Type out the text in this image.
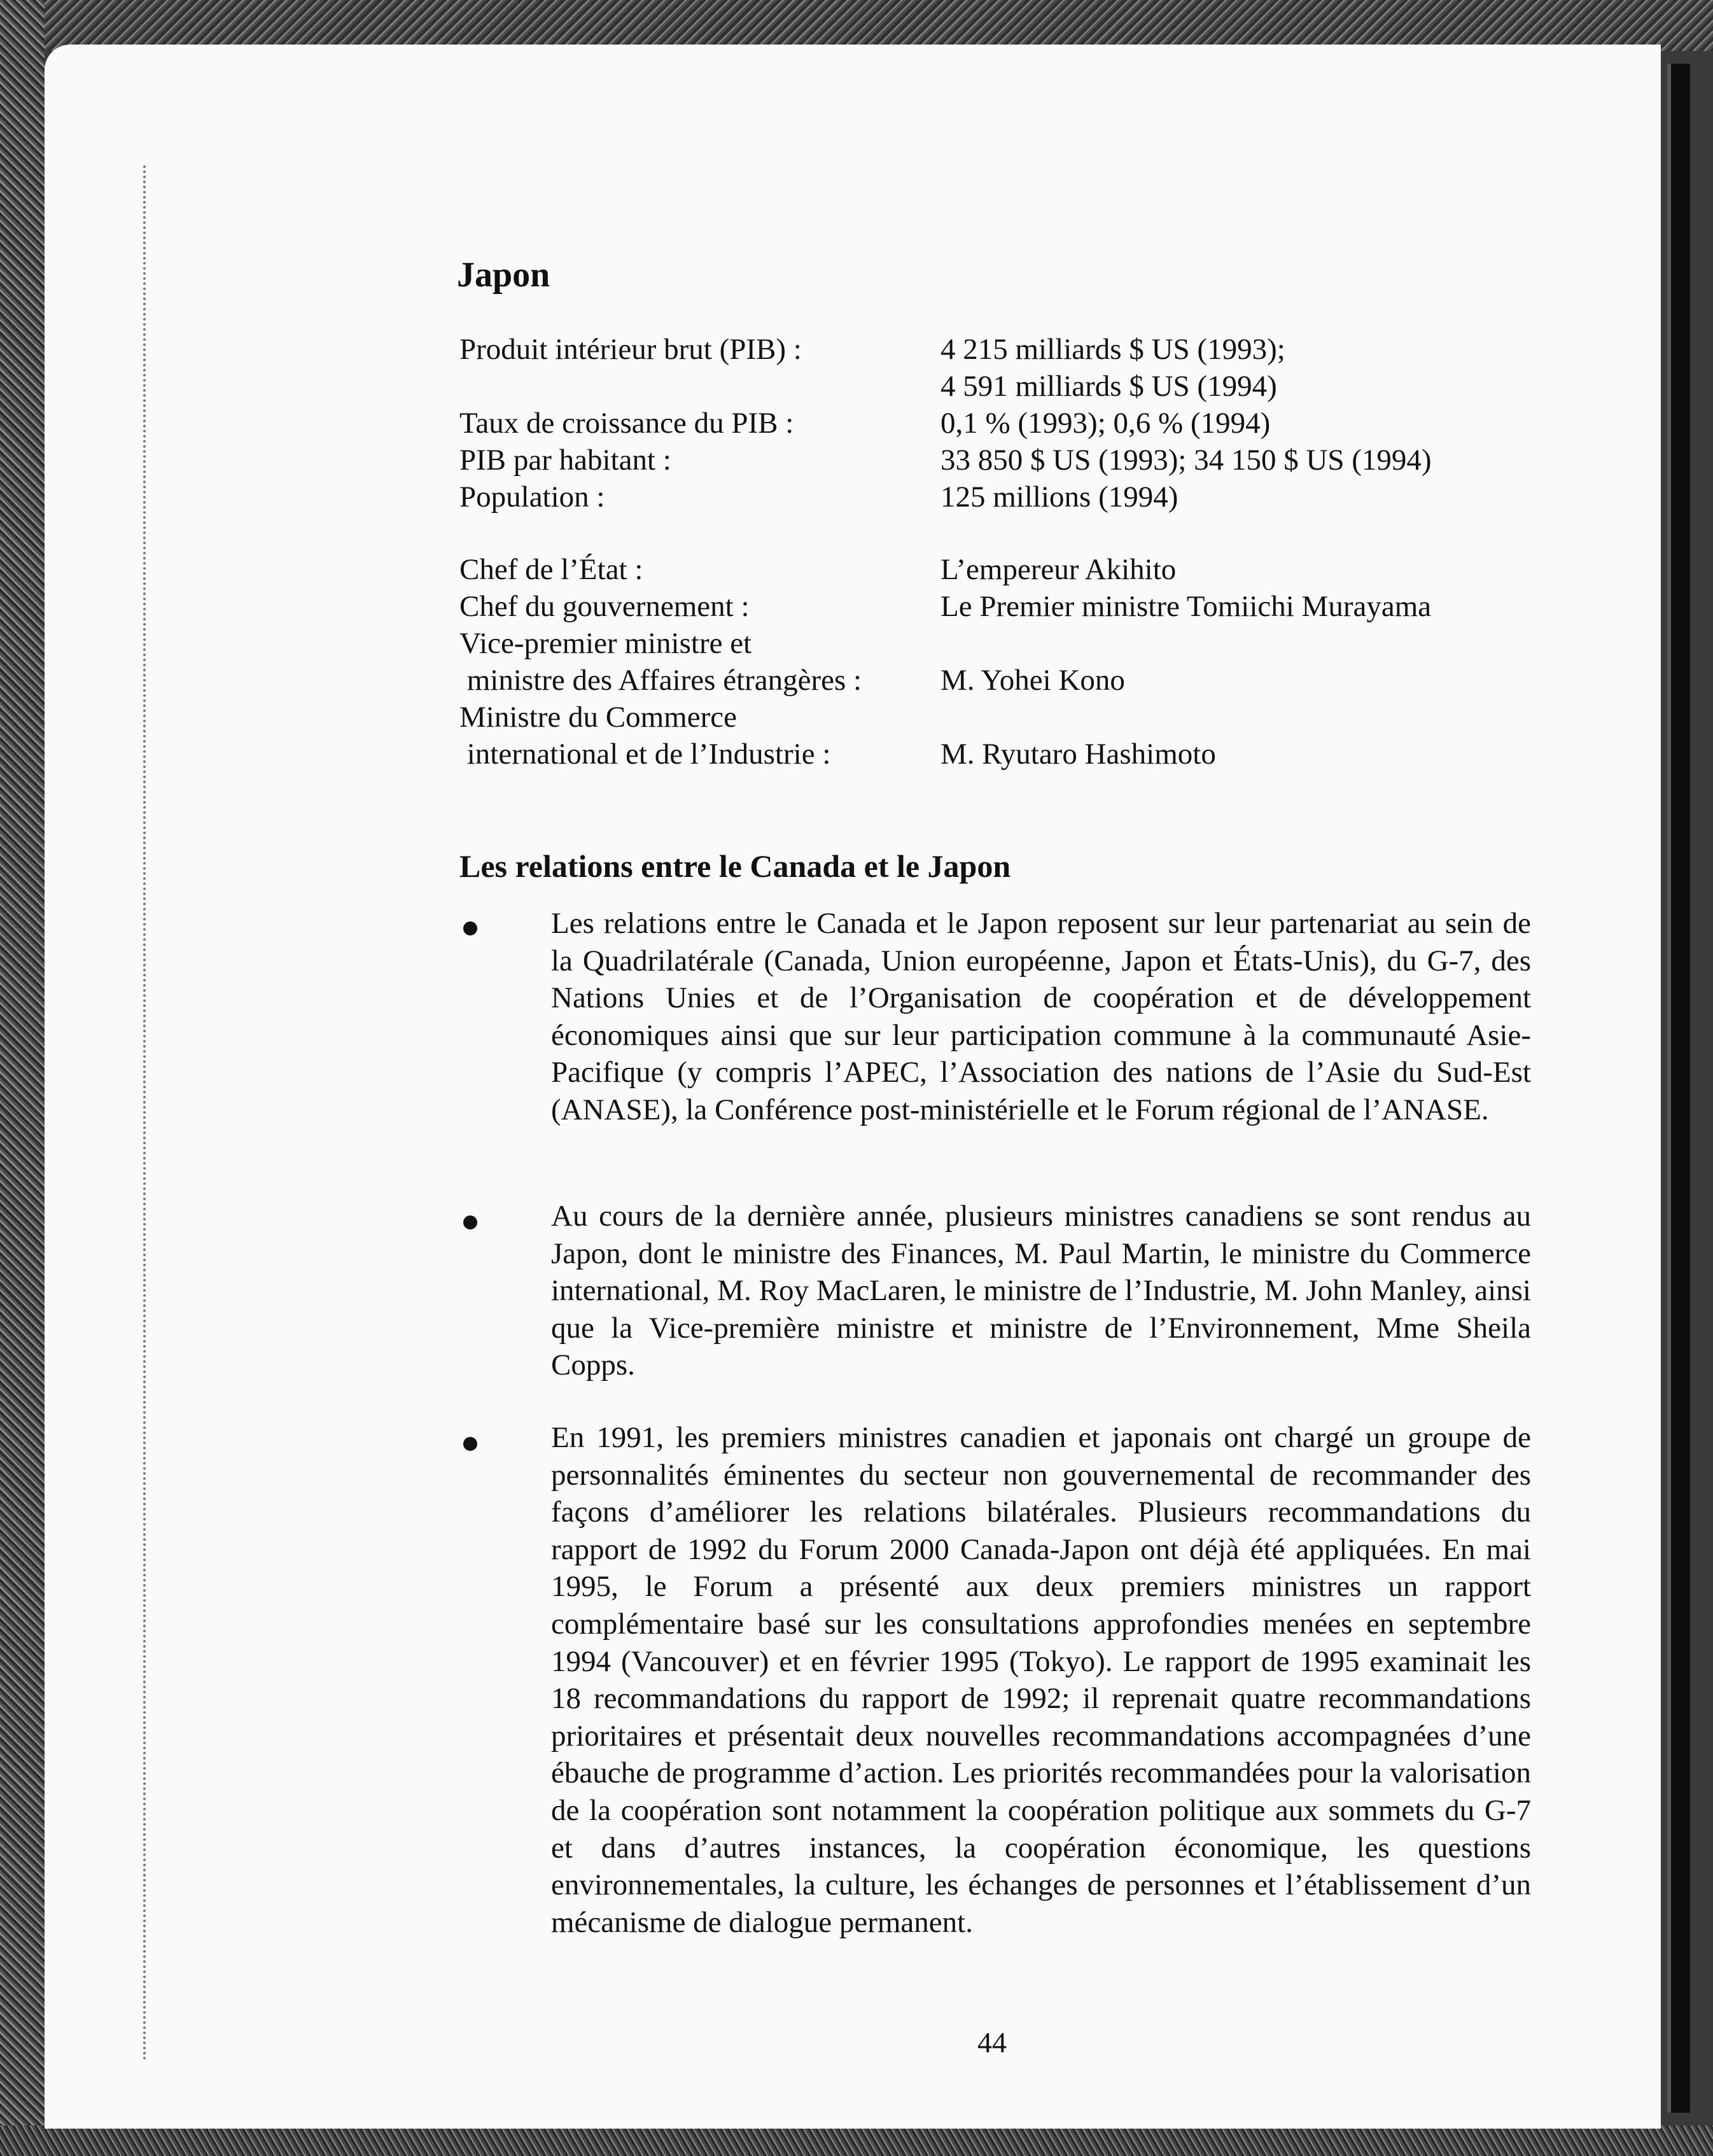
Japon
Produit intérieur brut (PIB) :	4 215 milliards $ US (1993);
4 591 milliards $ US (1994)
Taux de croissance du PIB :	0,1 % (1993); 0,6 % (1994)
PIB par habitant :	33 850 $ US (1993); 34 150 $ US (1994)
Population :	125 millions (1994)
Chef de l’État :	L’empereur Akihito
Chef du gouvernement :	Le Premier ministre Tomiichi Murayama
Vice-premier ministre et
ministre des Affaires étrangères :	M. Yohei Kono
Ministre du Commerce
international et de l’Industrie :	M. Ryutaro Hashimoto
Les relations entre le Canada et le Japon

Les relations entre le Canada et le Japon reposent sur leur partenariat au sein de la Quadrilatérale (Canada, Union européenne, Japon et États-Unis), du G-7, des Nations Unies et de l’Organisation de coopération et de développement économiques ainsi que sur leur participation commune à la communauté Asie-Pacifique (y compris l’APEC, l’Association des nations de l’Asie du Sud-Est (ANASE), la Conférence post-ministérielle et le Forum régional de l’ANASE.

Au cours de la dernière année, plusieurs ministres canadiens se sont rendus au Japon, dont le ministre des Finances, M. Paul Martin, le ministre du Commerce international, M. Roy MacLaren, le ministre de l’Industrie, M. John Manley, ainsi que la Vice-première ministre et ministre de l’Environnement, Mme Sheila Copps.

En 1991, les premiers ministres canadien et japonais ont chargé un groupe de personnalités éminentes du secteur non gouvernemental de recommander des façons d’améliorer les relations bilatérales. Plusieurs recommandations du rapport de 1992 du Forum 2000 Canada-Japon ont déjà été appliquées. En mai 1995, le Forum a présenté aux deux premiers ministres un rapport complémentaire basé sur les consultations approfondies menées en septembre 1994 (Vancouver) et en février 1995 (Tokyo). Le rapport de 1995 examinait les 18 recommandations du rapport de 1992; il reprenait quatre recommandations prioritaires et présentait deux nouvelles recommandations accompagnées d’une ébauche de programme d’action. Les priorités recommandées pour la valorisation de la coopération sont notamment la coopération politique aux sommets du G-7 et dans d’autres instances, la coopération économique, les questions environnementales, la culture, les échanges de personnes et l’établissement d’un mécanisme de dialogue permanent.

44
